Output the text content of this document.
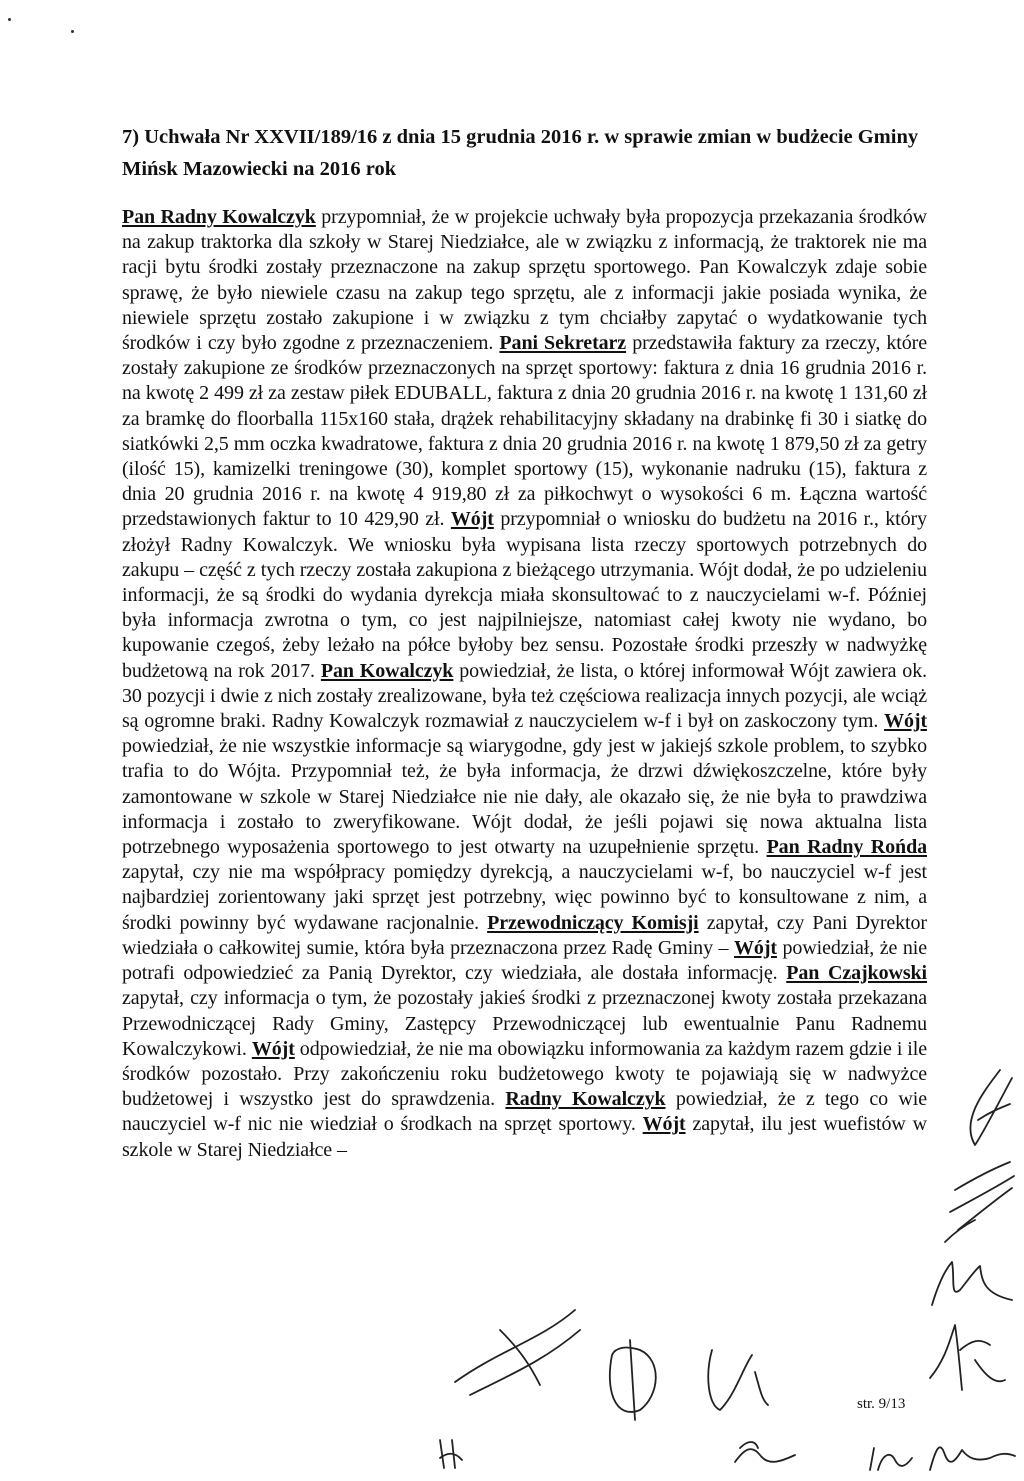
7) Uchwała Nr XXVII/189/16 z dnia 15 grudnia 2016 r. w sprawie zmian w budżecie Gminy Mińsk Mazowiecki na 2016 rok

Pan Radny Kowalczyk przypomniał, że w projekcie uchwały była propozycja przekazania środków na zakup traktorka dla szkoły w Starej Niedziałce, ale w związku z informacją, że traktorek nie ma racji bytu środki zostały przeznaczone na zakup sprzętu sportowego. Pan Kowalczyk zdaje sobie sprawę, że było niewiele czasu na zakup tego sprzętu, ale z informacji jakie posiada wynika, że niewiele sprzętu zostało zakupione i w związku z tym chciałby zapytać o wydatkowanie tych środków i czy było zgodne z przeznaczeniem. Pani Sekretarz przedstawiła faktury za rzeczy, które zostały zakupione ze środków przeznaczonych na sprzęt sportowy: faktura z dnia 16 grudnia 2016 r. na kwotę 2 499 zł za zestaw piłek EDUBALL, faktura z dnia 20 grudnia 2016 r. na kwotę 1 131,60 zł za bramkę do floorballa 115x160 stała, drążek rehabilitacyjny składany na drabinkę fi 30 i siatkę do siatkówki 2,5 mm oczka kwadratowe, faktura z dnia 20 grudnia 2016 r. na kwotę 1 879,50 zł za getry (ilość 15), kamizelki treningowe (30), komplet sportowy (15), wykonanie nadruku (15), faktura z dnia 20 grudnia 2016 r. na kwotę 4 919,80 zł za piłkochwyt o wysokości 6 m. Łączna wartość przedstawionych faktur to 10 429,90 zł. Wójt przypomniał o wniosku do budżetu na 2016 r., który złożył Radny Kowalczyk. We wniosku była wypisana lista rzeczy sportowych potrzebnych do zakupu – część z tych rzeczy została zakupiona z bieżącego utrzymania. Wójt dodał, że po udzieleniu informacji, że są środki do wydania dyrekcja miała skonsultować to z nauczycielami w-f. Później była informacja zwrotna o tym, co jest najpilniejsze, natomiast całej kwoty nie wydano, bo kupowanie czegoś, żeby leżało na półce byłoby bez sensu. Pozostałe środki przeszły w nadwyżkę budżetową na rok 2017. Pan Kowalczyk powiedział, że lista, o której informował Wójt zawiera ok. 30 pozycji i dwie z nich zostały zrealizowane, była też częściowa realizacja innych pozycji, ale wciąż są ogromne braki. Radny Kowalczyk rozmawiał z nauczycielem w-f i był on zaskoczony tym. Wójt powiedział, że nie wszystkie informacje są wiarygodne, gdy jest w jakiejś szkole problem, to szybko trafia to do Wójta. Przypomniał też, że była informacja, że drzwi dźwiękoszczelne, które były zamontowane w szkole w Starej Niedziałce nie nie dały, ale okazało się, że nie była to prawdziwa informacja i zostało to zweryfikowane. Wójt dodał, że jeśli pojawi się nowa aktualna lista potrzebnego wyposażenia sportowego to jest otwarty na uzupełnienie sprzętu. Pan Radny Rońda zapytał, czy nie ma współpracy pomiędzy dyrekcją, a nauczycielami w-f, bo nauczyciel w-f jest najbardziej zorientowany jaki sprzęt jest potrzebny, więc powinno być to konsultowane z nim, a środki powinny być wydawane racjonalnie. Przewodniczący Komisji zapytał, czy Pani Dyrektor wiedziała o całkowitej sumie, która była przeznaczona przez Radę Gminy – Wójt powiedział, że nie potrafi odpowiedzieć za Panią Dyrektor, czy wiedziała, ale dostała informację. Pan Czajkowski zapytał, czy informacja o tym, że pozostały jakieś środki z przeznaczonej kwoty została przekazana Przewodniczącej Rady Gminy, Zastępcy Przewodniczącej lub ewentualnie Panu Radnemu Kowalczykowi. Wójt odpowiedział, że nie ma obowiązku informowania za każdym razem gdzie i ile środków pozostało. Przy zakończeniu roku budżetowego kwoty te pojawiają się w nadwyżce budżetowej i wszystko jest do sprawdzenia. Radny Kowalczyk powiedział, że z tego co wie nauczyciel w-f nic nie wiedział o środkach na sprzęt sportowy. Wójt zapytał, ilu jest wuefistów w szkole w Starej Niedziałce –

str. 9/13
